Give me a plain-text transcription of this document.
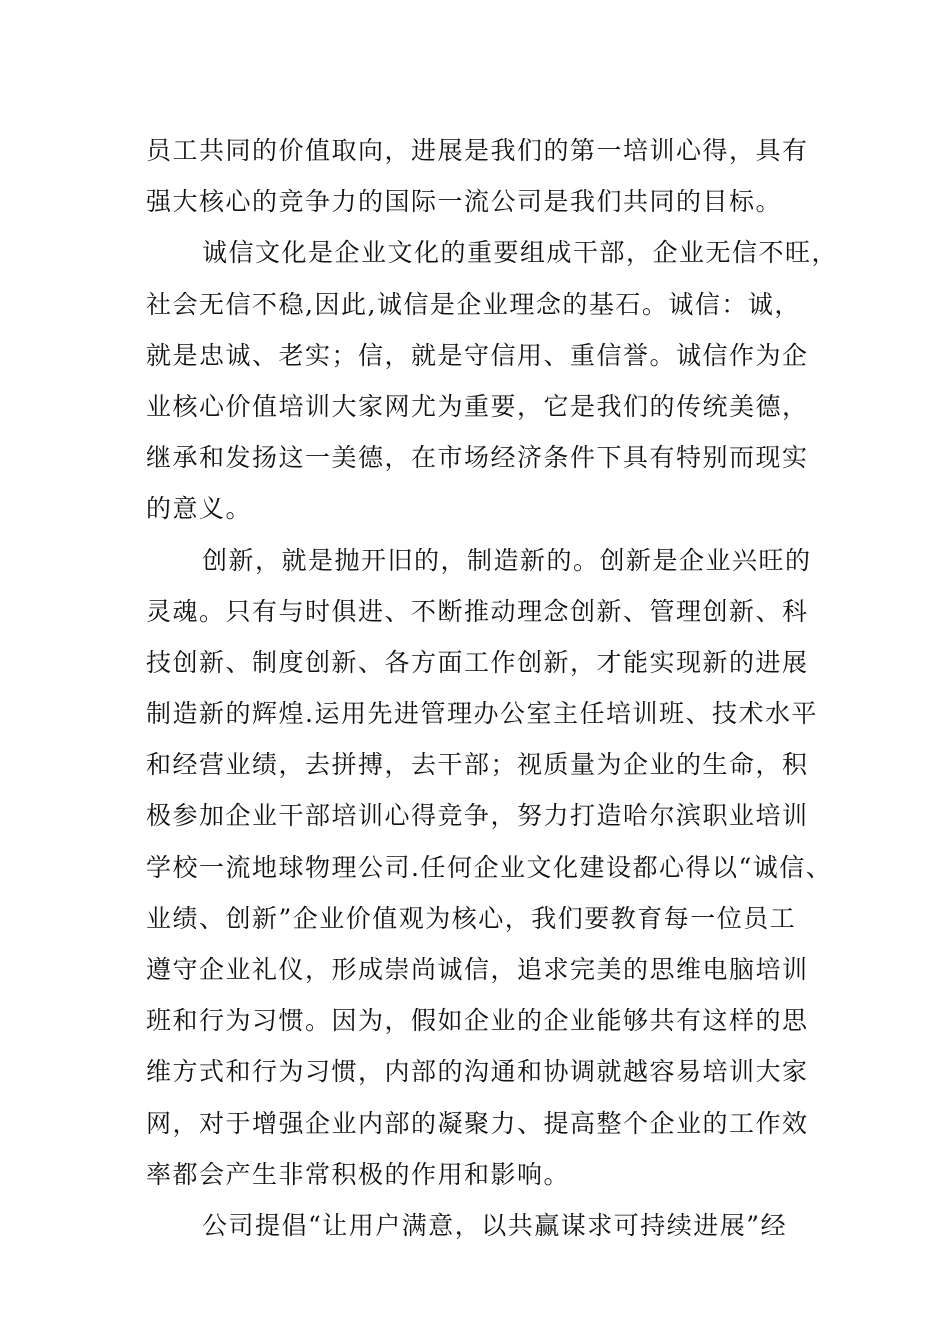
员工共同的价值取向，进展是我们的第一培训心得，具有
强大核心的竞争力的国际一流公司是我们共同的目标。
诚信文化是企业文化的重要组成干部，企业无信不旺，
社会无信不稳,因此,诚信是企业理念的基石。诚信：诚，
就是忠诚、老实；信，就是守信用、重信誉。诚信作为企
业核心价值培训大家网尤为重要，它是我们的传统美德，
继承和发扬这一美德，在市场经济条件下具有特别而现实
的意义。
创新，就是抛开旧的，制造新的。创新是企业兴旺的
灵魂。只有与时俱进、不断推动理念创新、管理创新、科
技创新、制度创新、各方面工作创新，才能实现新的进展
制造新的辉煌.运用先进管理办公室主任培训班、技术水平
和经营业绩，去拼搏，去干部；视质量为企业的生命，积
极参加企业干部培训心得竞争，努力打造哈尔滨职业培训
学校一流地球物理公司.任何企业文化建设都心得以“诚信、
业绩、创新”企业价值观为核心，我们要教育每一位员工
遵守企业礼仪，形成崇尚诚信，追求完美的思维电脑培训
班和行为习惯。因为，假如企业的企业能够共有这样的思
维方式和行为习惯，内部的沟通和协调就越容易培训大家
网，对于增强企业内部的凝聚力、提高整个企业的工作效
率都会产生非常积极的作用和影响。
公司提倡“让用户满意，以共赢谋求可持续进展”经
